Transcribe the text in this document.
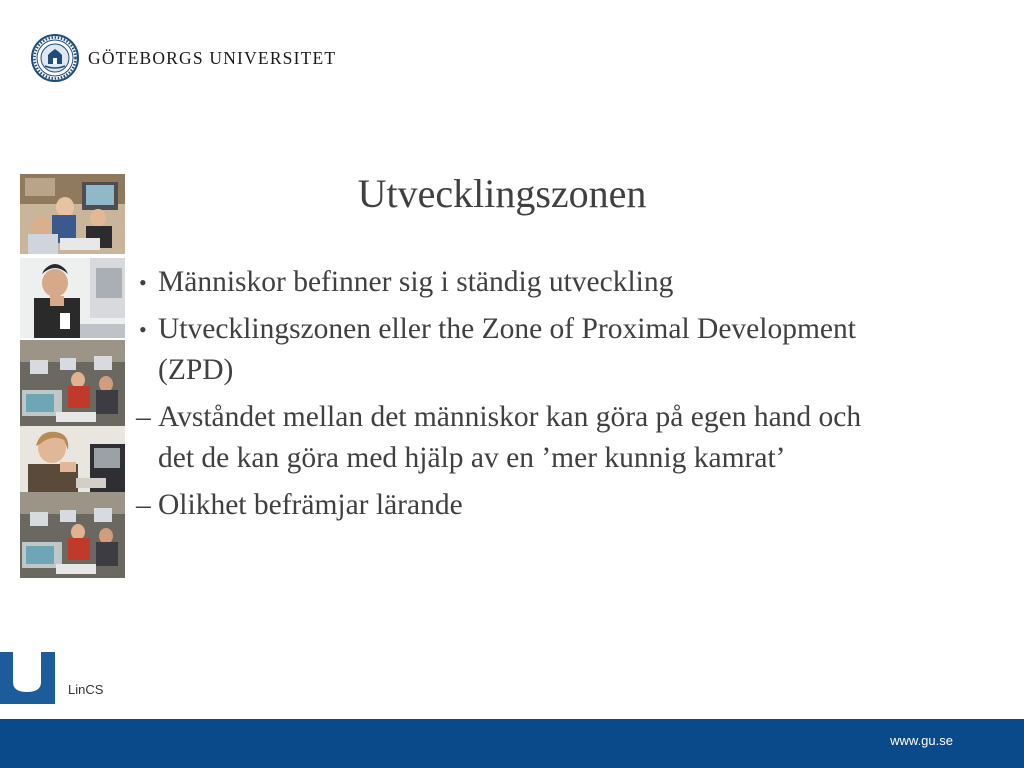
GÖTEBORGS UNIVERSITET
Utvecklingszonen
• Människor befinner sig i ständig utveckling
• Utvecklingszonen eller the Zone of Proximal Development (ZPD)
– Avståndet mellan det människor kan göra på egen hand och det de kan göra med hjälp av en ’mer kunnig kamrat’
– Olikhet befrämjar lärande
LinCS
www.gu.se
